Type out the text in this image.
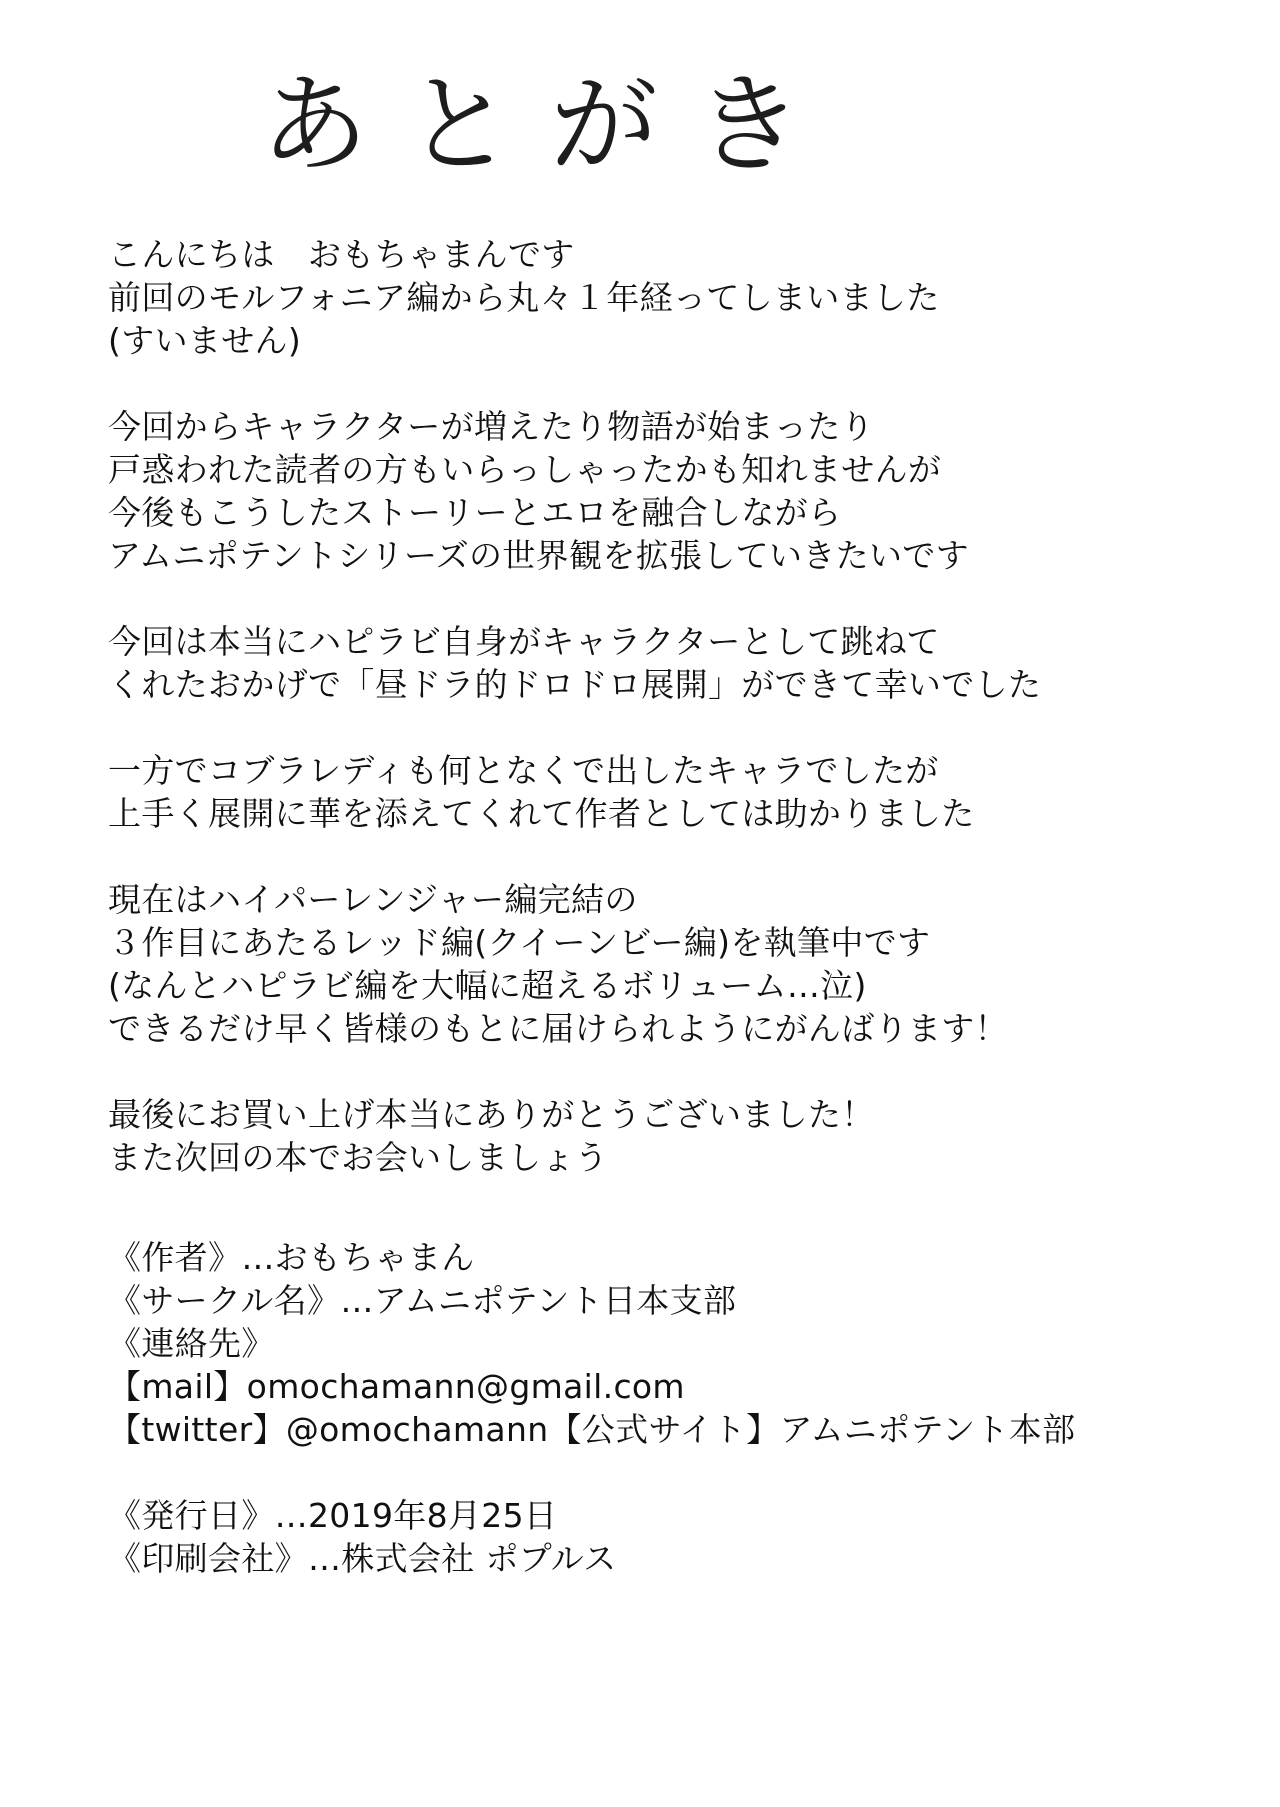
あとがき
こんにちは　おもちゃまんです
前回のモルフォニア編から丸々１年経ってしまいました
(すいません)
今回からキャラクターが増えたり物語が始まったり
戸惑われた読者の方もいらっしゃったかも知れませんが
今後もこうしたストーリーとエロを融合しながら
アムニポテントシリーズの世界観を拡張していきたいです
今回は本当にハピラビ自身がキャラクターとして跳ねて
くれたおかげで「昼ドラ的ドロドロ展開」ができて幸いでした
一方でコブラレディも何となくで出したキャラでしたが
上手く展開に華を添えてくれて作者としては助かりました
現在はハイパーレンジャー編完結の
３作目にあたるレッド編(クイーンビー編)を執筆中です
(なんとハピラビ編を大幅に超えるボリューム…泣)
できるだけ早く皆様のもとに届けられようにがんばります！
最後にお買い上げ本当にありがとうございました！
また次回の本でお会いしましょう
《作者》…おもちゃまん
《サークル名》…アムニポテント日本支部
《連絡先》
【mail】omochamann@gmail.com
【twitter】@omochamann【公式サイト】アムニポテント本部
《発行日》…2019年8月25日
《印刷会社》…株式会社 ポプルス
